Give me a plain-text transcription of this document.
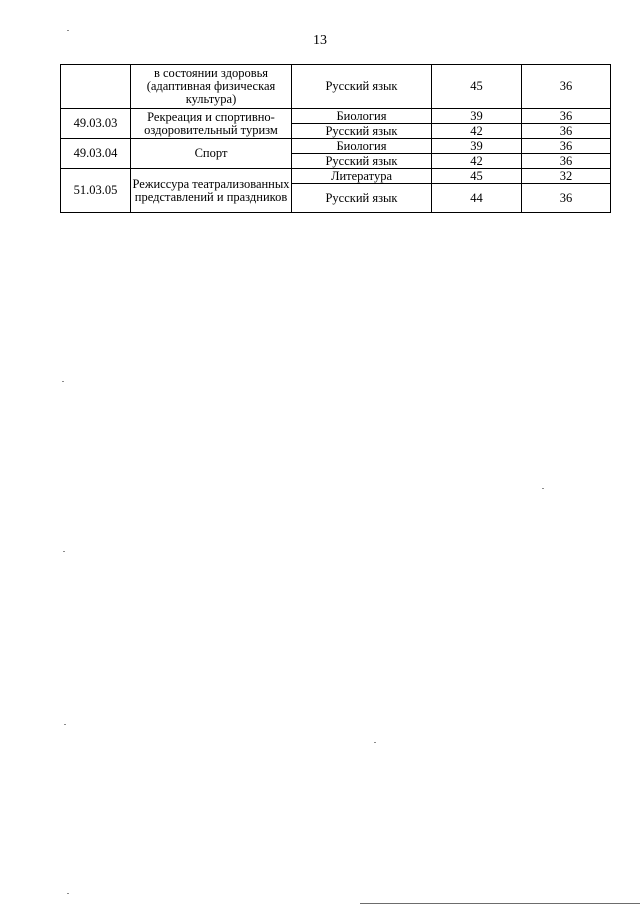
13
	в состоянии здоровья (адаптивная физическая культура)	Русский язык	45	36
49.03.03	Рекреация и спортивно-оздоровительный туризм	Биология	39	36
		Русский язык	42	36
49.03.04	Спорт	Биология	39	36
		Русский язык	42	36
51.03.05	Режиссура театрализованных представлений и праздников	Литература	45	32
		Русский язык	44	36
